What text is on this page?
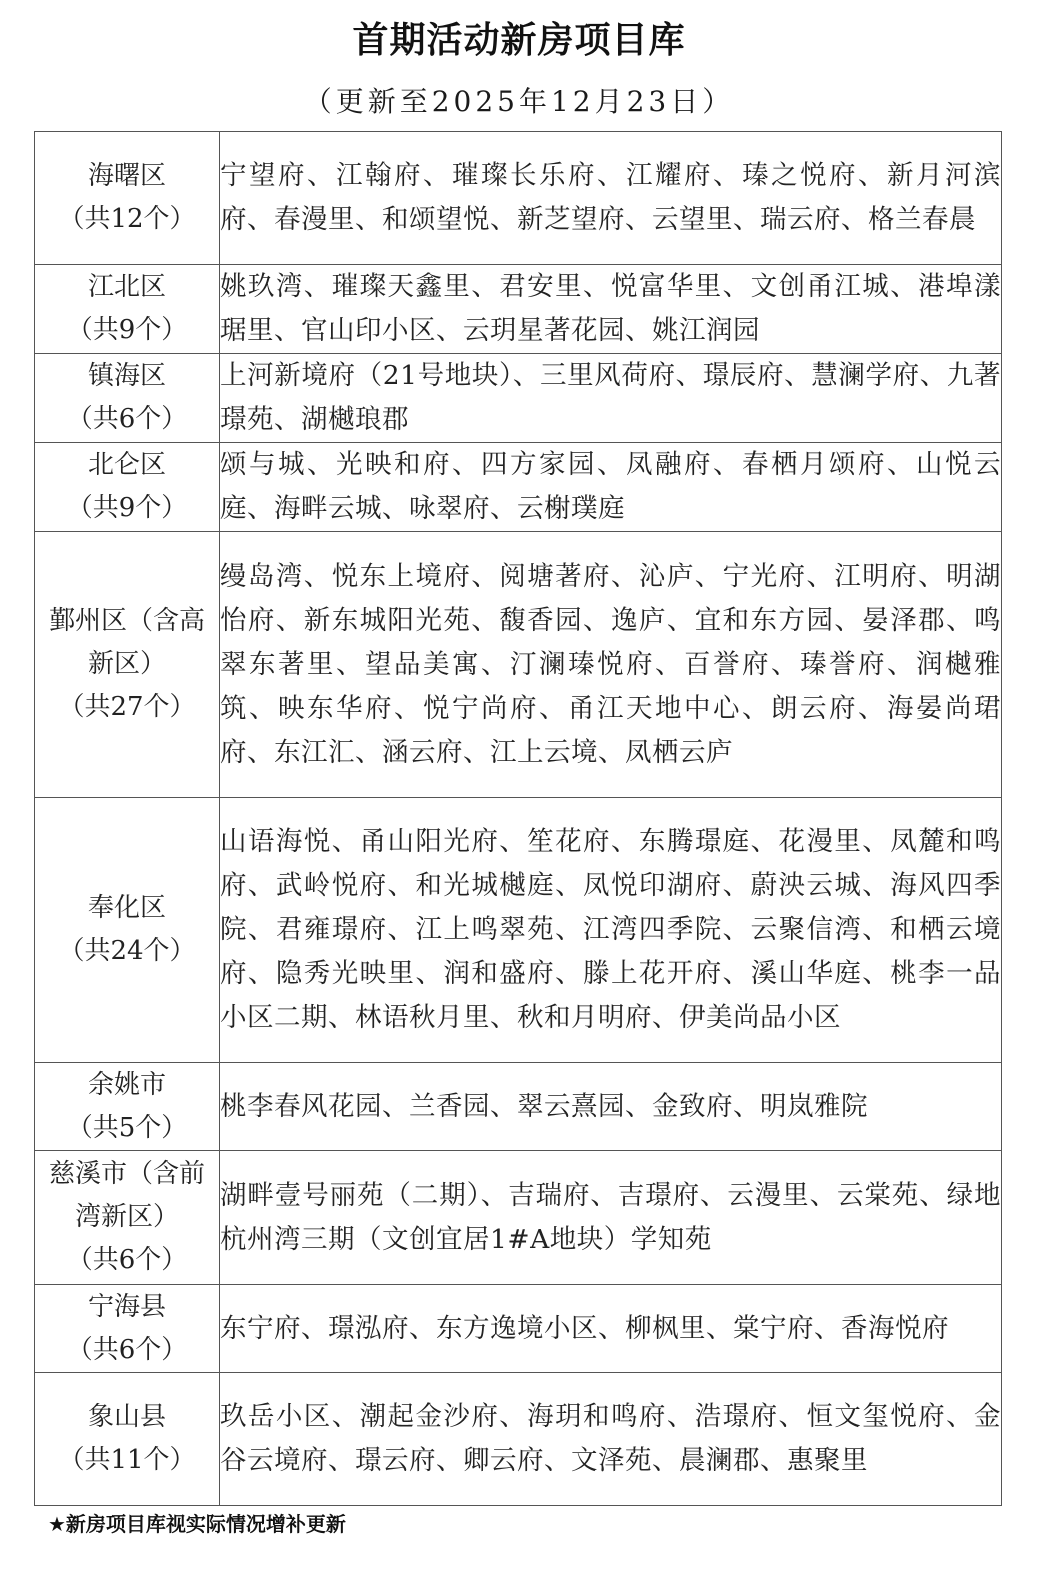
首期活动新房项目库
（更新至2025年12月23日）
海曙区
（共12个）	宁望府、江翰府、璀璨长乐府、江耀府、瑧之悦府、新月河滨府、春漫里、和颂望悦、新芝望府、云望里、瑞云府、格兰春晨

江北区
（共9个）	姚玖湾、璀璨天鑫里、君安里、悦富华里、文创甬江城、港埠漾琚里、官山印小区、云玥星著花园、姚江润园

镇海区
（共6个）	上河新境府（21号地块）、三里风荷府、璟辰府、慧澜学府、九著璟苑、湖樾琅郡

北仑区
（共9个）	颂与城、光映和府、四方家园、凤融府、春栖月颂府、山悦云庭、海畔云城、咏翠府、云榭璞庭

鄞州区（含高新区）
（共27个）	缦岛湾、悦东上境府、阅塘著府、沁庐、宁光府、江明府、明湖怡府、新东城阳光苑、馥香园、逸庐、宜和东方园、晏泽郡、鸣翠东著里、望品美寓、汀澜瑧悦府、百誉府、瑧誉府、润樾雅筑、映东华府、悦宁尚府、甬江天地中心、朗云府、海晏尚珺府、东江汇、涵云府、江上云境、凤栖云庐

奉化区
（共24个）	山语海悦、甬山阳光府、笙花府、东腾璟庭、花漫里、凤麓和鸣府、武岭悦府、和光城樾庭、凤悦印湖府、蔚泱云城、海风四季院、君雍璟府、江上鸣翠苑、江湾四季院、云聚信湾、和栖云境府、隐秀光映里、润和盛府、滕上花开府、溪山华庭、桃李一品小区二期、林语秋月里、秋和月明府、伊美尚品小区

余姚市
（共5个）	桃李春风花园、兰香园、翠云熹园、金致府、明岚雅院

慈溪市（含前湾新区）
（共6个）	湖畔壹号丽苑（二期）、吉瑞府、吉璟府、云漫里、云棠苑、绿地杭州湾三期（文创宜居1#A地块）学知苑

宁海县
（共6个）	东宁府、璟泓府、东方逸境小区、柳枫里、棠宁府、香海悦府

象山县
（共11个）	玖岳小区、潮起金沙府、海玥和鸣府、浩璟府、恒文玺悦府、金谷云境府、璟云府、卿云府、文泽苑、晨澜郡、惠聚里
★新房项目库视实际情况增补更新
